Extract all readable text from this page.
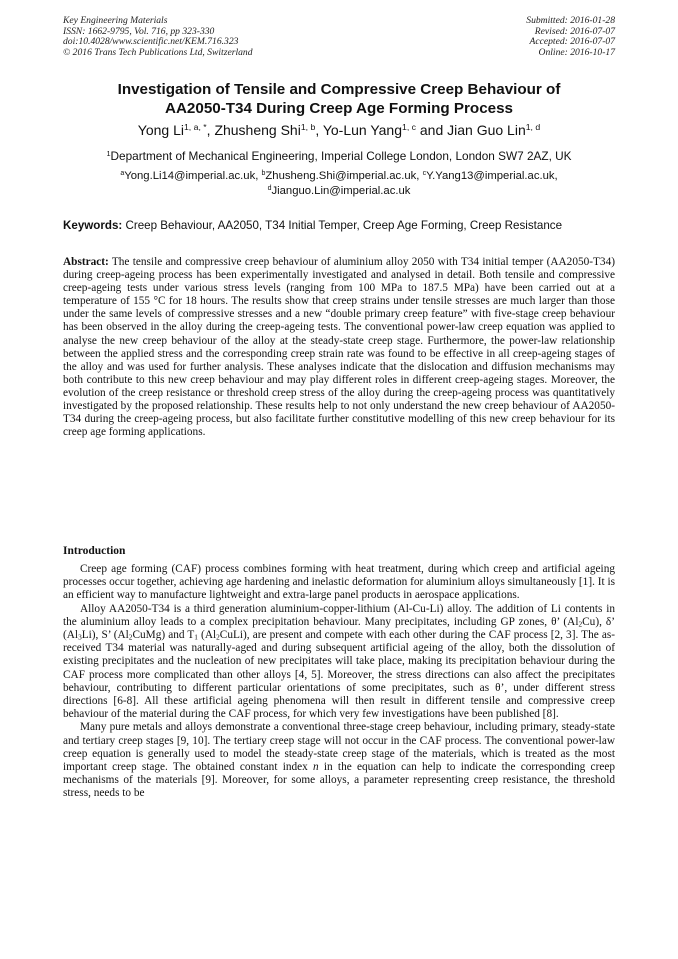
Key Engineering Materials
ISSN: 1662-9795, Vol. 716, pp 323-330
doi:10.4028/www.scientific.net/KEM.716.323
© 2016 Trans Tech Publications Ltd, Switzerland
Submitted: 2016-01-28
Revised: 2016-07-07
Accepted: 2016-07-07
Online: 2016-10-17
Investigation of Tensile and Compressive Creep Behaviour of
AA2050-T34 During Creep Age Forming Process
Yong $Li^{1, a, *}$, Zhusheng Shi$^{1, b}$, Yo-Lun Yang$^{1, c}$ and Jian Guo Lin$^{1, d}$
$^1$Department of Mechanical Engineering, Imperial College London, London SW7 2AZ, UK
$^a$Yong.Li14@imperial.ac.uk, $^b$Zhusheng.Shi@imperial.ac.uk, $^c$Y.Yang13@imperial.ac.uk,
$^d$Jianguo.Lin@imperial.ac.uk
Keywords: Creep Behaviour, AA2050, T34 Initial Temper, Creep Age Forming, Creep Resistance

Abstract: The tensile and compressive creep behaviour of aluminium alloy 2050 with T34 initial temper (AA2050-T34) during creep-ageing process has been experimentally investigated and analysed in detail. Both tensile and compressive creep-ageing tests under various stress levels (ranging from 100 MPa to 187.5 MPa) have been carried out at a temperature of 155 °C for 18 hours. The results show that creep strains under tensile stresses are much larger than those under the same levels of compressive stresses and a new “double primary creep feature” with five-stage creep behaviour has been observed in the alloy during the creep-ageing tests. The conventional power-law creep equation was applied to analyse the new creep behaviour of the alloy at the steady-state creep stage. Furthermore, the power-law relationship between the applied stress and the corresponding creep strain rate was found to be effective in all creep-ageing stages of the alloy and was used for further analysis. These analyses indicate that the dislocation and diffusion mechanisms may both contribute to this new creep behaviour and may play different roles in different creep-ageing stages. Moreover, the evolution of the creep resistance or threshold creep stress of the alloy during the creep-ageing process was quantitatively investigated by the proposed relationship. These results help to not only understand the new creep behaviour of AA2050-T34 during the creep-ageing process, but also facilitate further constitutive modelling of this new creep behaviour for its creep age forming applications.

Introduction

Creep age forming (CAF) process combines forming with heat treatment, during which creep and artificial ageing processes occur together, achieving age hardening and inelastic deformation for aluminium alloys simultaneously [1]. It is an efficient way to manufacture lightweight and extra-large panel products in aerospace applications.

Alloy AA2050-T34 is a third generation aluminium-copper-lithium (Al-Cu-Li) alloy. The addition of Li contents in the aluminium alloy leads to a complex precipitation behaviour. Many precipitates, including GP zones, θ’ $(Al_2Cu)$, δ’ $(Al_3Li)$, S’ $(Al_2CuMg)$ and $T_1$ $(Al_2CuLi)$, are present and compete with each other during the CAF process [2, 3]. The as-received T34 material was naturally-aged and during subsequent artificial ageing of the alloy, both the dissolution of existing precipitates and the nucleation of new precipitates will take place, making its precipitation behaviour during the CAF process more complicated than other alloys [4, 5]. Moreover, the stress directions can also affect the precipitates behaviour, contributing to different particular orientations of some precipitates, such as θ’, under different stress directions [6-8]. All these artificial ageing phenomena will then result in different tensile and compressive creep behaviour of the material during the CAF process, for which very few investigations have been published [8].

Many pure metals and alloys demonstrate a conventional three-stage creep behaviour, including primary, steady-state and tertiary creep stages [9, 10]. The tertiary creep stage will not occur in the CAF process. The conventional power-law creep equation is generally used to model the steady-state creep stage of the materials, which is treated as the most important creep stage. The obtained constant index n in the equation can help to indicate the corresponding creep mechanisms of the materials [9]. Moreover, for some alloys, a parameter representing creep resistance, the threshold stress, needs to be
